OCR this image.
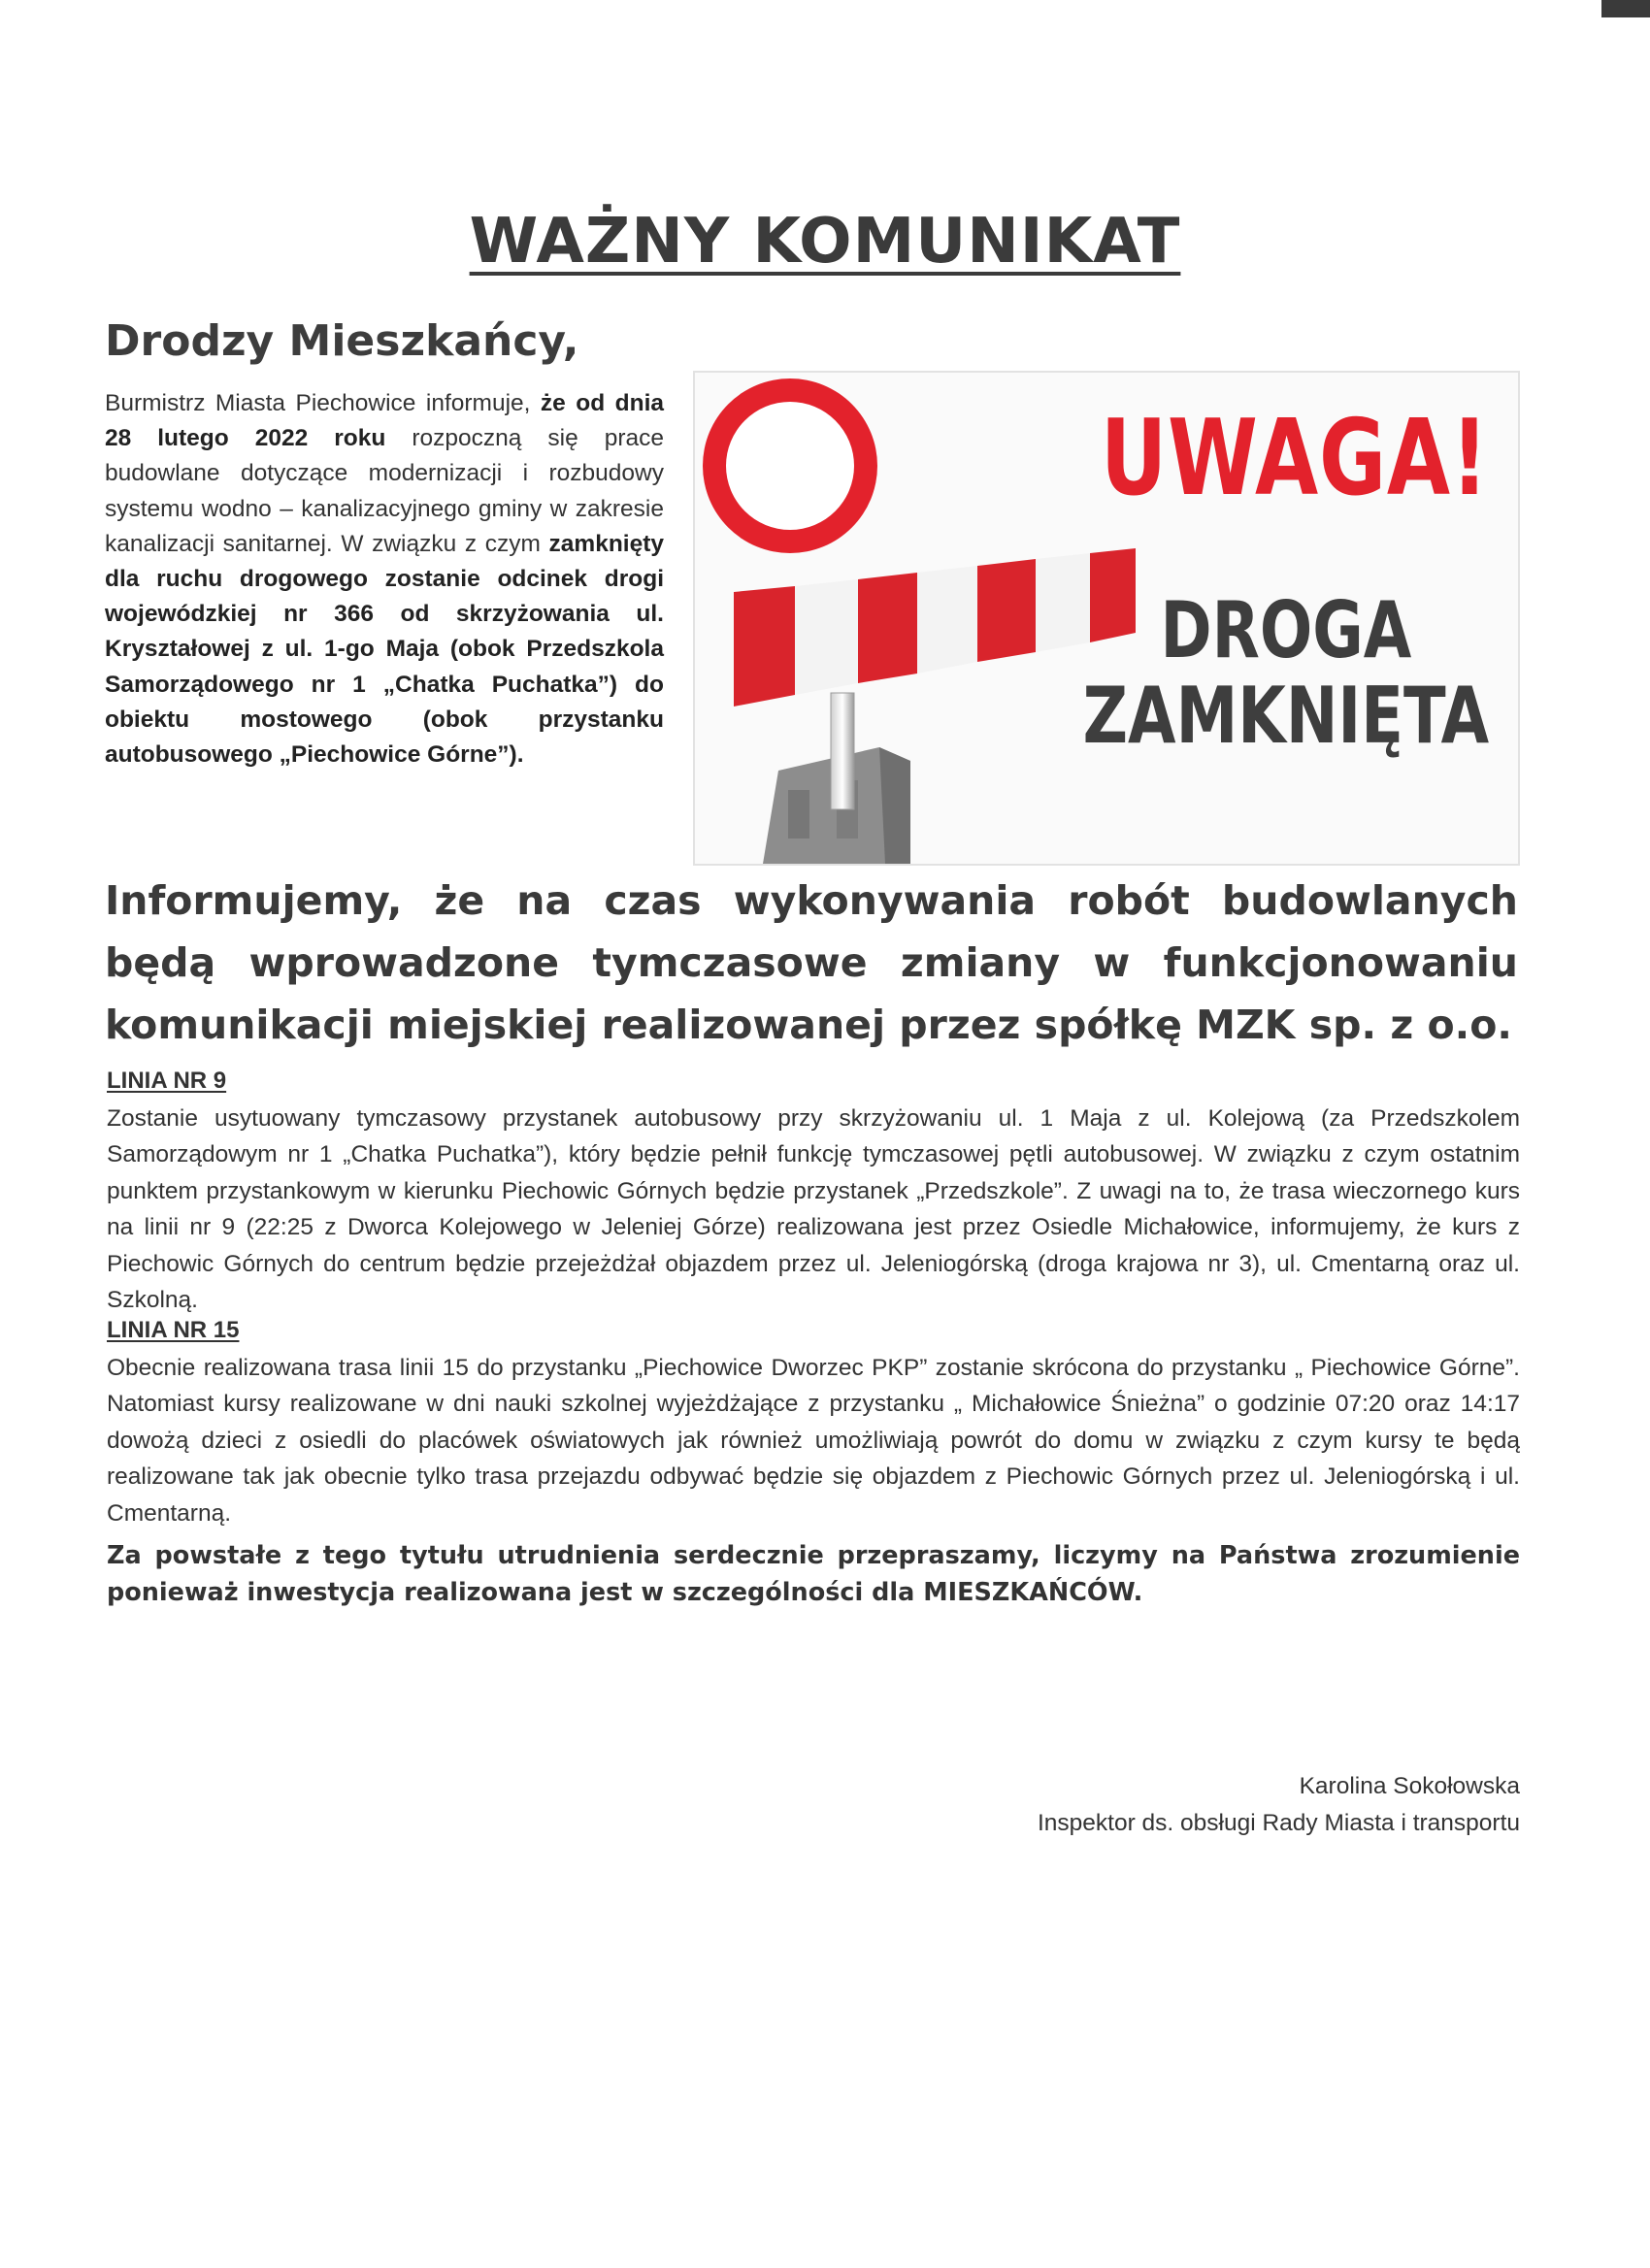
WAŻNY KOMUNIKAT
Drodzy Mieszkańcy,

Burmistrz Miasta Piechowice informuje, że od dnia 28 lutego 2022 roku rozpoczną się prace budowlane dotyczące modernizacji i rozbudowy systemu wodno – kanalizacyjnego gminy w zakresie kanalizacji sanitarnej. W związku z czym zamknięty dla ruchu drogowego zostanie odcinek drogi wojewódzkiej nr 366 od skrzyżowania ul. Kryształowej z ul. 1-go Maja (obok Przedszkola Samorządowego nr 1 „Chatka Puchatka”) do obiektu mostowego (obok przystanku autobusowego „Piechowice Górne”).

UWAGA!
DROGA
ZAMKNIĘTA

Informujemy, że na czas wykonywania robót budowlanych będą wprowadzone tymczasowe zmiany w funkcjonowaniu komunikacji miejskiej realizowanej przez spółkę MZK sp. z o.o.

LINIA NR 9

Zostanie usytuowany tymczasowy przystanek autobusowy przy skrzyżowaniu ul. 1 Maja z ul. Kolejową (za Przedszkolem Samorządowym nr 1 „Chatka Puchatka”), który będzie pełnił funkcję tymczasowej pętli autobusowej. W związku z czym ostatnim punktem przystankowym w kierunku Piechowic Górnych będzie przystanek „Przedszkole”. Z uwagi na to, że trasa wieczornego kurs na linii nr 9 (22:25 z Dworca Kolejowego w Jeleniej Górze) realizowana jest przez Osiedle Michałowice, informujemy, że kurs z Piechowic Górnych do centrum będzie przejeżdżał objazdem przez ul. Jeleniogórską (droga krajowa nr 3), ul. Cmentarną oraz ul. Szkolną.

LINIA NR 15

Obecnie realizowana trasa linii 15 do przystanku „Piechowice Dworzec PKP” zostanie skrócona do przystanku „ Piechowice Górne”. Natomiast kursy realizowane w dni nauki szkolnej wyjeżdżające z przystanku „ Michałowice Śnieżna” o godzinie 07:20 oraz 14:17 dowożą dzieci z osiedli do placówek oświatowych jak również umożliwiają powrót do domu w związku z czym kursy te będą realizowane tak jak obecnie tylko trasa przejazdu odbywać będzie się objazdem z Piechowic Górnych przez ul. Jeleniogórską i ul. Cmentarną.

Za powstałe z tego tytułu utrudnienia serdecznie przepraszamy, liczymy na Państwa zrozumienie ponieważ inwestycja realizowana jest w szczególności dla MIESZKAŃCÓW.

Karolina Sokołowska
Inspektor ds. obsługi Rady Miasta i transportu
